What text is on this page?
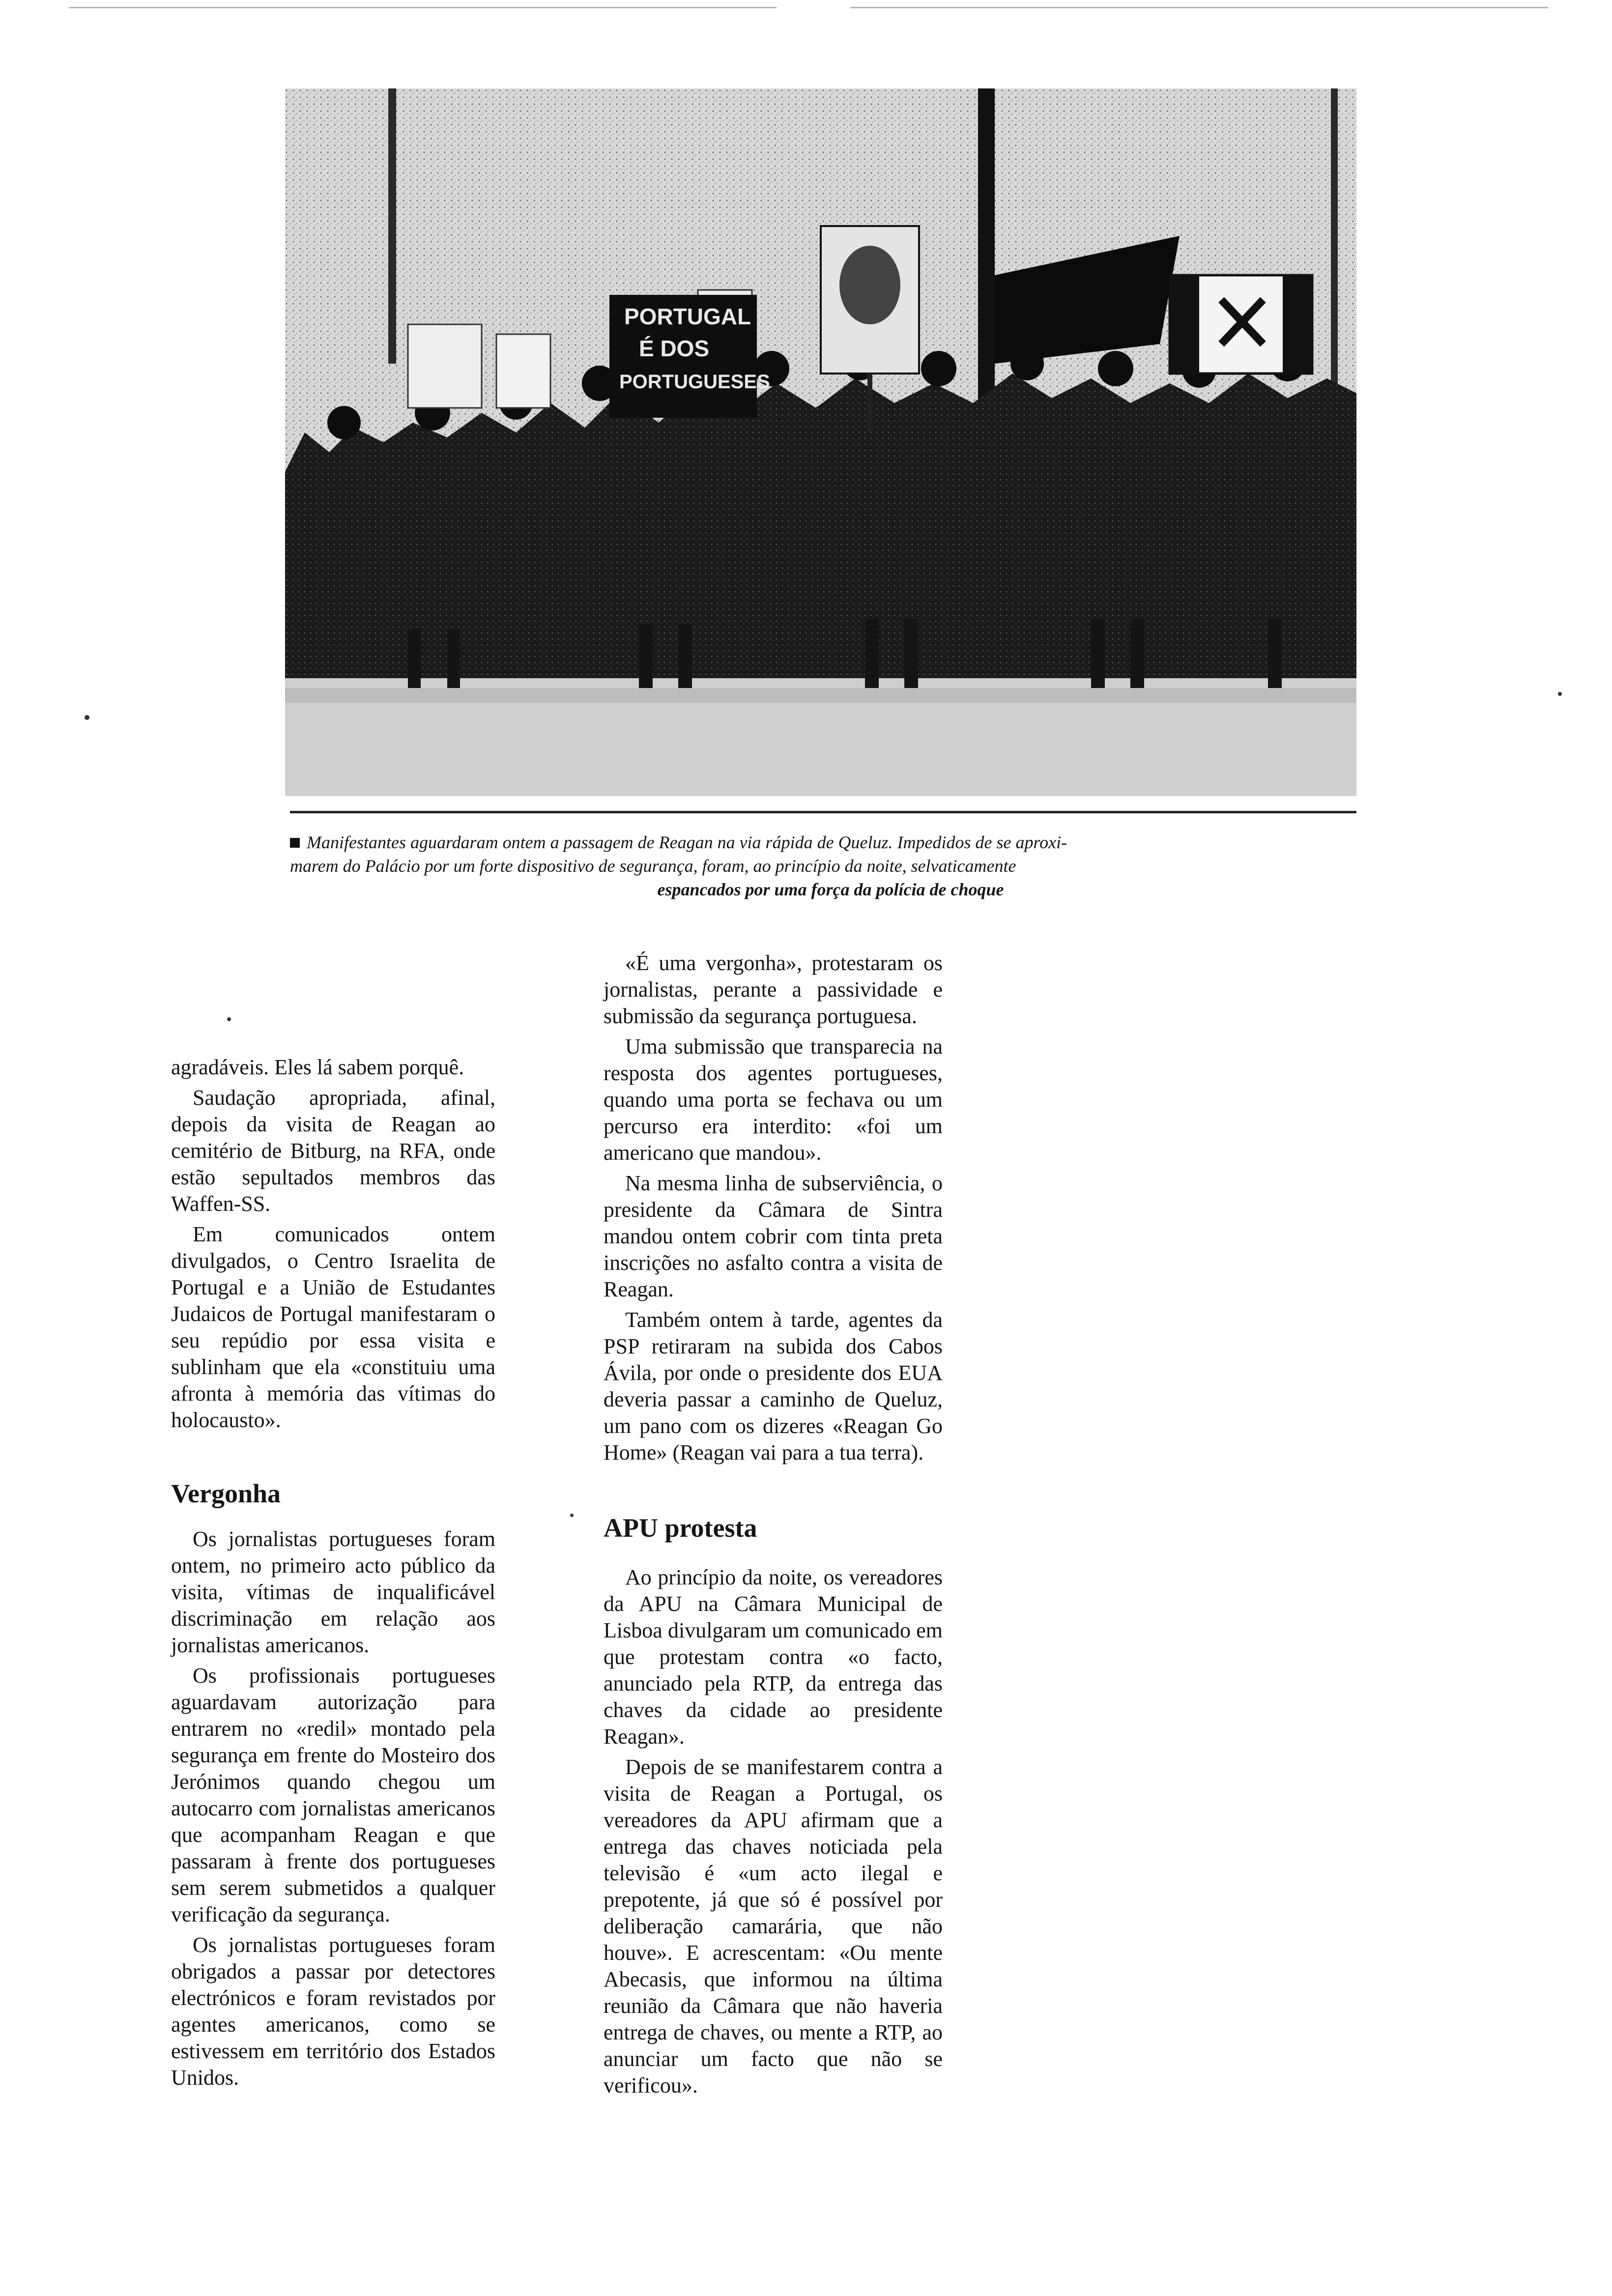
PORTUGAL
É DOS
PORTUGUESES

Manifestantes aguardaram ontem a passagem de Reagan na via rápida de Queluz. Impedidos de se aproxi-

marem do Palácio por um forte dispositivo de segurança, foram, ao princípio da noite, selvaticamente

espancados por uma força da polícia de choque

agradáveis. Eles lá sabem porquê.

Saudação apropriada, afinal, depois da visita de Reagan ao cemitério de Bitburg, na RFA, onde estão sepultados membros das Waffen-SS.

Em comunicados ontem divulgados, o Centro Israelita de Portugal e a União de Estudantes Judaicos de Portugal manifestaram o seu repúdio por essa visita e sublinham que ela «constituiu uma afronta à memória das vítimas do holocausto».

Vergonha

Os jornalistas portugueses foram ontem, no primeiro acto público da visita, vítimas de inqualificável discriminação em relação aos jornalistas americanos.

Os profissionais portugueses aguardavam autorização para entrarem no «redil» montado pela segurança em frente do Mosteiro dos Jerónimos quando chegou um autocarro com jornalistas americanos que acompanham Reagan e que passaram à frente dos portugueses sem serem submetidos a qualquer verificação da segurança.

Os jornalistas portugueses foram obrigados a passar por detectores electrónicos e foram revistados por agentes americanos, como se estivessem em território dos Estados Unidos.

«É uma vergonha», protestaram os jornalistas, perante a passividade e submissão da segurança portuguesa.

Uma submissão que transparecia na resposta dos agentes portugueses, quando uma porta se fechava ou um percurso era interdito: «foi um americano que mandou».

Na mesma linha de subserviência, o presidente da Câmara de Sintra mandou ontem cobrir com tinta preta inscrições no asfalto contra a visita de Reagan.

Também ontem à tarde, agentes da PSP retiraram na subida dos Cabos Ávila, por onde o presidente dos EUA deveria passar a caminho de Queluz, um pano com os dizeres «Reagan Go Home» (Reagan vai para a tua terra).

APU protesta

Ao princípio da noite, os vereadores da APU na Câmara Municipal de Lisboa divulgaram um comunicado em que protestam contra «o facto, anunciado pela RTP, da entrega das chaves da cidade ao presidente Reagan».

Depois de se manifestarem contra a visita de Reagan a Portugal, os vereadores da APU afirmam que a entrega das chaves noticiada pela televisão é «um acto ilegal e prepotente, já que só é possível por deliberação camarária, que não houve». E acrescentam: «Ou mente Abecasis, que informou na última reunião da Câmara que não haveria entrega de chaves, ou mente a RTP, ao anunciar um facto que não se verificou».
